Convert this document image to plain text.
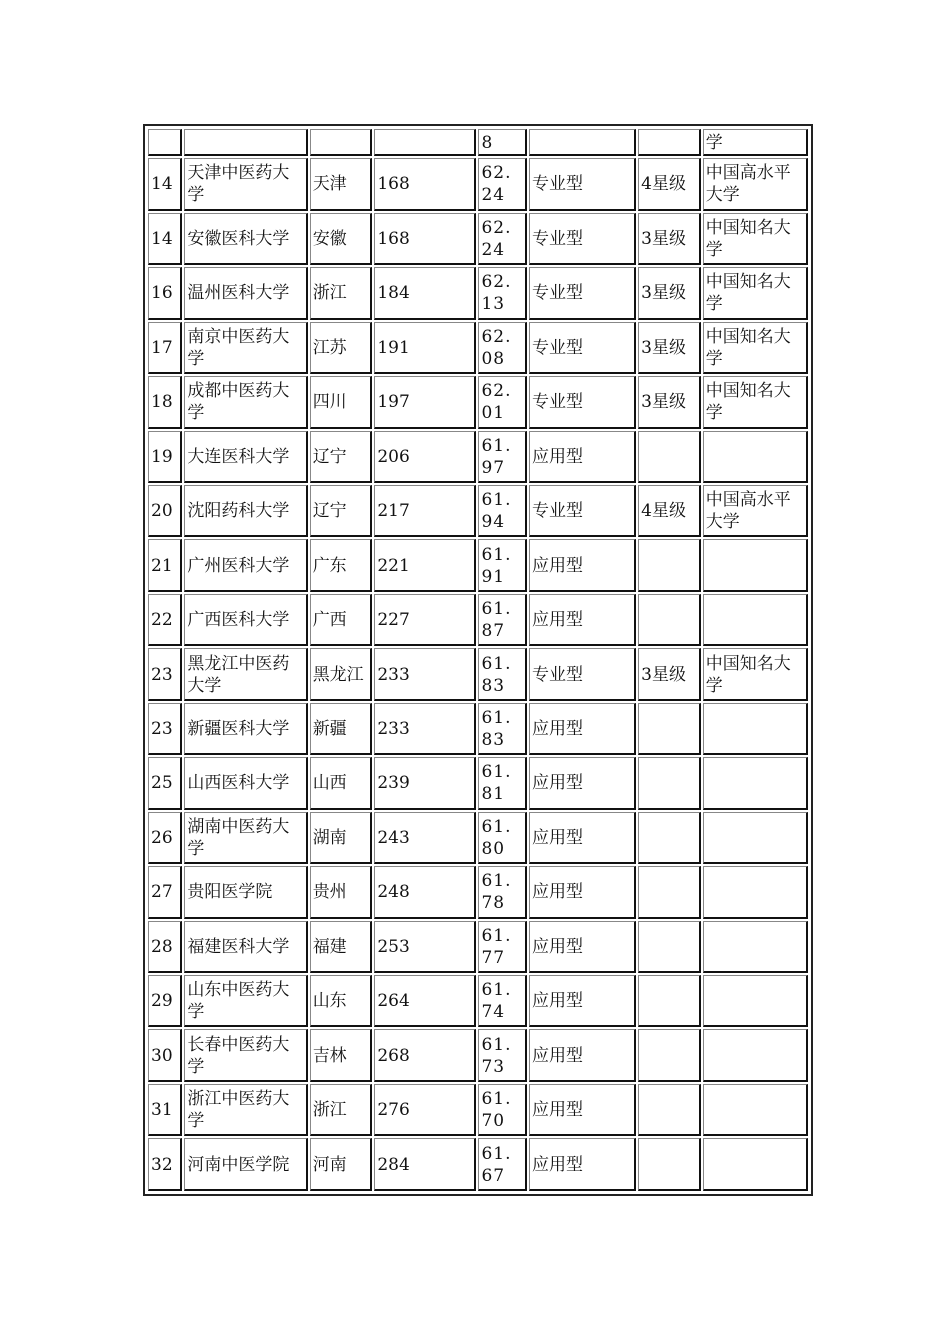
				8			学
14	天津中医药大学	天津	168	62.24	专业型	4星级	中国高水平大学
14	安徽医科大学	安徽	168	62.24	专业型	3星级	中国知名大学
16	温州医科大学	浙江	184	62.13	专业型	3星级	中国知名大学
17	南京中医药大学	江苏	191	62.08	专业型	3星级	中国知名大学
18	成都中医药大学	四川	197	62.01	专业型	3星级	中国知名大学
19	大连医科大学	辽宁	206	61.97	应用型		
20	沈阳药科大学	辽宁	217	61.94	专业型	4星级	中国高水平大学
21	广州医科大学	广东	221	61.91	应用型		
22	广西医科大学	广西	227	61.87	应用型		
23	黑龙江中医药大学	黑龙江	233	61.83	专业型	3星级	中国知名大学
23	新疆医科大学	新疆	233	61.83	应用型		
25	山西医科大学	山西	239	61.81	应用型		
26	湖南中医药大学	湖南	243	61.80	应用型		
27	贵阳医学院	贵州	248	61.78	应用型		
28	福建医科大学	福建	253	61.77	应用型		
29	山东中医药大学	山东	264	61.74	应用型		
30	长春中医药大学	吉林	268	61.73	应用型		
31	浙江中医药大学	浙江	276	61.70	应用型		
32	河南中医学院	河南	284	61.67	应用型		
